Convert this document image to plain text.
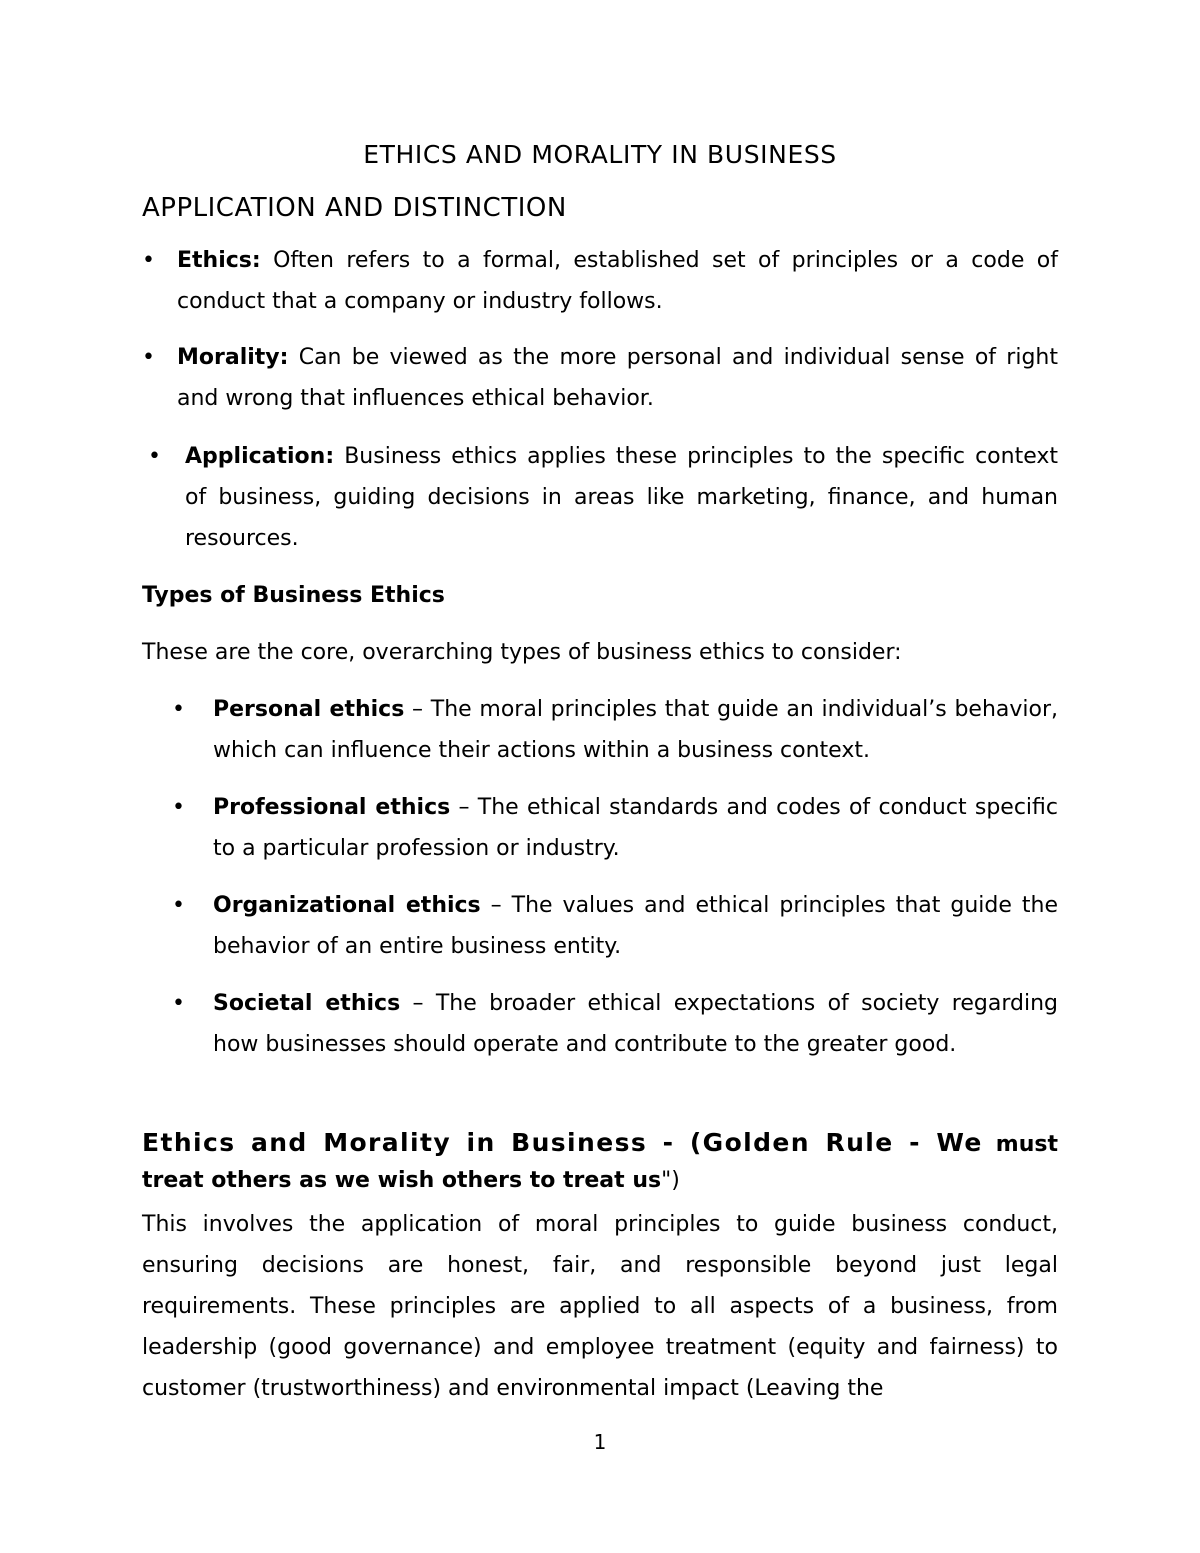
ETHICS AND MORALITY IN BUSINESS
APPLICATION AND DISTINCTION
• Ethics: Often refers to a formal, established set of principles or a code of conduct that a company or industry follows.

• Morality: Can be viewed as the more personal and individual sense of right and wrong that influences ethical behavior.

• Application: Business ethics applies these principles to the specific context of business, guiding decisions in areas like marketing, finance, and human resources.

Types of Business Ethics

These are the core, overarching types of business ethics to consider:

• Personal ethics – The moral principles that guide an individual’s behavior, which can influence their actions within a business context.

• Professional ethics – The ethical standards and codes of conduct specific to a particular profession or industry.

• Organizational ethics – The values and ethical principles that guide the behavior of an entire business entity.

• Societal ethics – The broader ethical expectations of society regarding how businesses should operate and contribute to the greater good.

Ethics and Morality in Business - (Golden Rule - We must treat others as we wish others to treat us")

This involves the application of moral principles to guide business conduct, ensuring decisions are honest, fair, and responsible beyond just legal requirements. These principles are applied to all aspects of a business, from leadership (good governance) and employee treatment (equity and fairness) to customer (trustworthiness) and environmental impact (Leaving the

1
